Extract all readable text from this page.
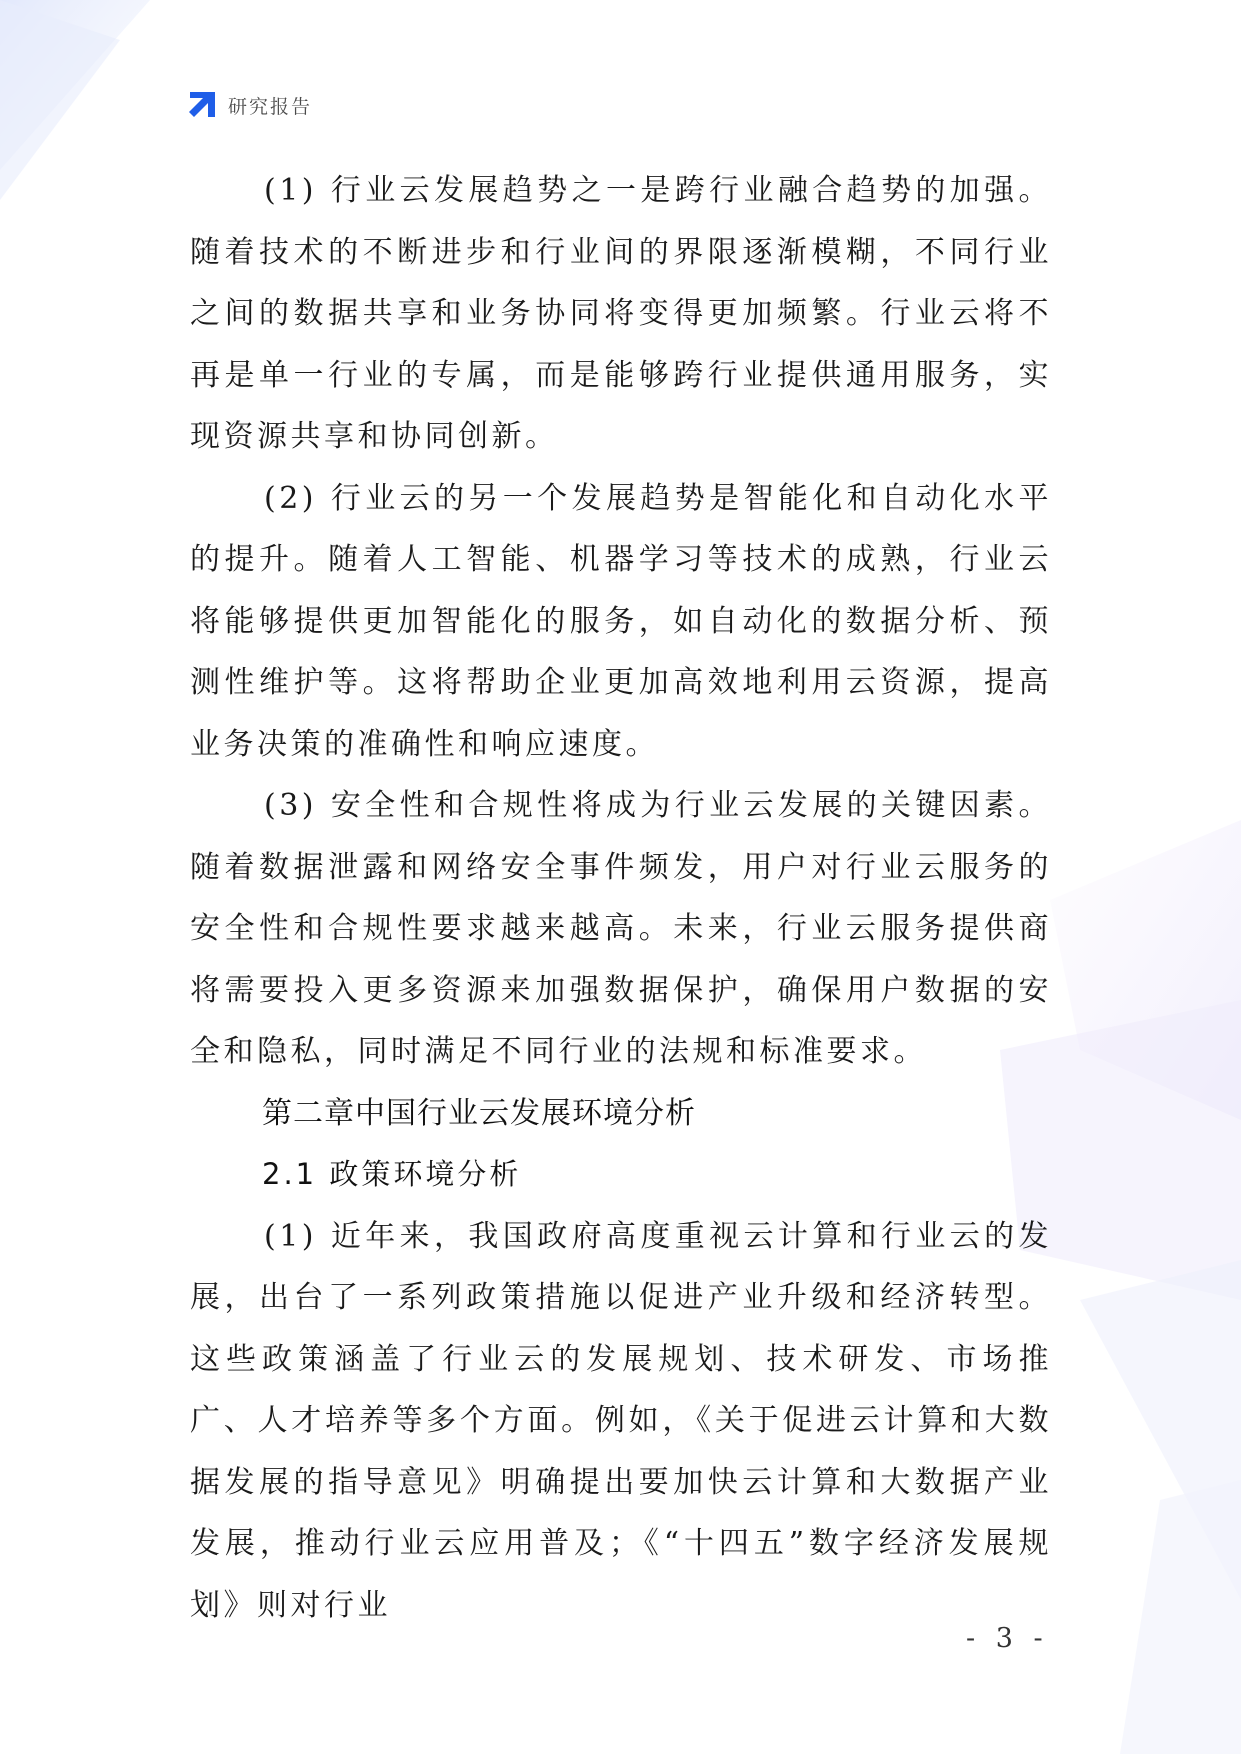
研究报告

(1) 行业云发展趋势之一是跨行业融合趋势的加强。随着技术的不断进步和行业间的界限逐渐模糊，不同行业之间的数据共享和业务协同将变得更加频繁。行业云将不再是单一行业的专属，而是能够跨行业提供通用服务，实现资源共享和协同创新。

(2) 行业云的另一个发展趋势是智能化和自动化水平的提升。随着人工智能、机器学习等技术的成熟，行业云将能够提供更加智能化的服务，如自动化的数据分析、预测性维护等。这将帮助企业更加高效地利用云资源，提高业务决策的准确性和响应速度。

(3) 安全性和合规性将成为行业云发展的关键因素。随着数据泄露和网络安全事件频发，用户对行业云服务的安全性和合规性要求越来越高。未来，行业云服务提供商将需要投入更多资源来加强数据保护，确保用户数据的安全和隐私，同时满足不同行业的法规和标准要求。

第二章中国行业云发展环境分析

2.1 政策环境分析

(1) 近年来，我国政府高度重视云计算和行业云的发展，出台了一系列政策措施以促进产业升级和经济转型。这些政策涵盖了行业云的发展规划、技术研发、市场推广、人才培养等多个方面。例如，《关于促进云计算和大数据发展的指导意见》明确提出要加快云计算和大数据产业发展，推动行业云应用普及；《“十四五”数字经济发展规划》则对行业

- 3 -
